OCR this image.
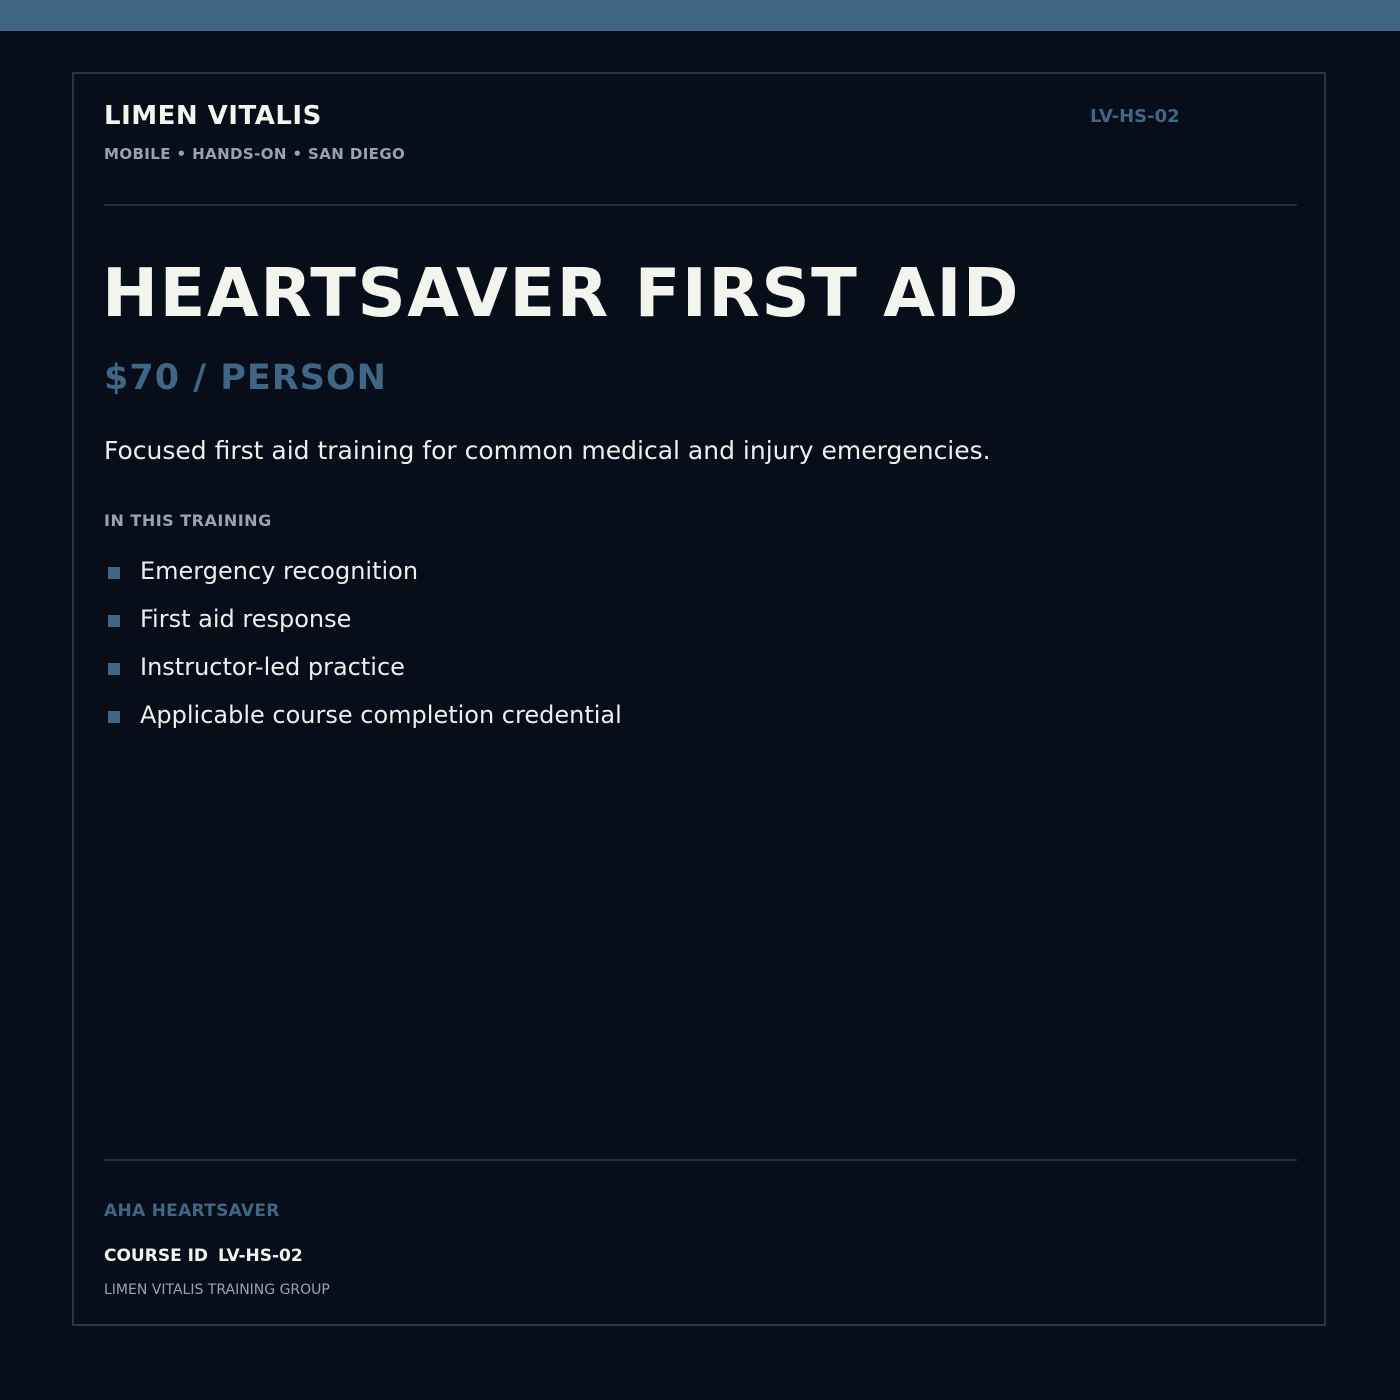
LIMEN VITALIS
MOBILE • HANDS-ON • SAN DIEGO
LV-HS-02
HEARTSAVER FIRST AID
$70 / PERSON
Focused first aid training for common medical and injury emergencies.
IN THIS TRAINING
Emergency recognition
First aid response
Instructor-led practice
Applicable course completion credential
AHA HEARTSAVER
COURSE ID LV-HS-02
LIMEN VITALIS TRAINING GROUP
